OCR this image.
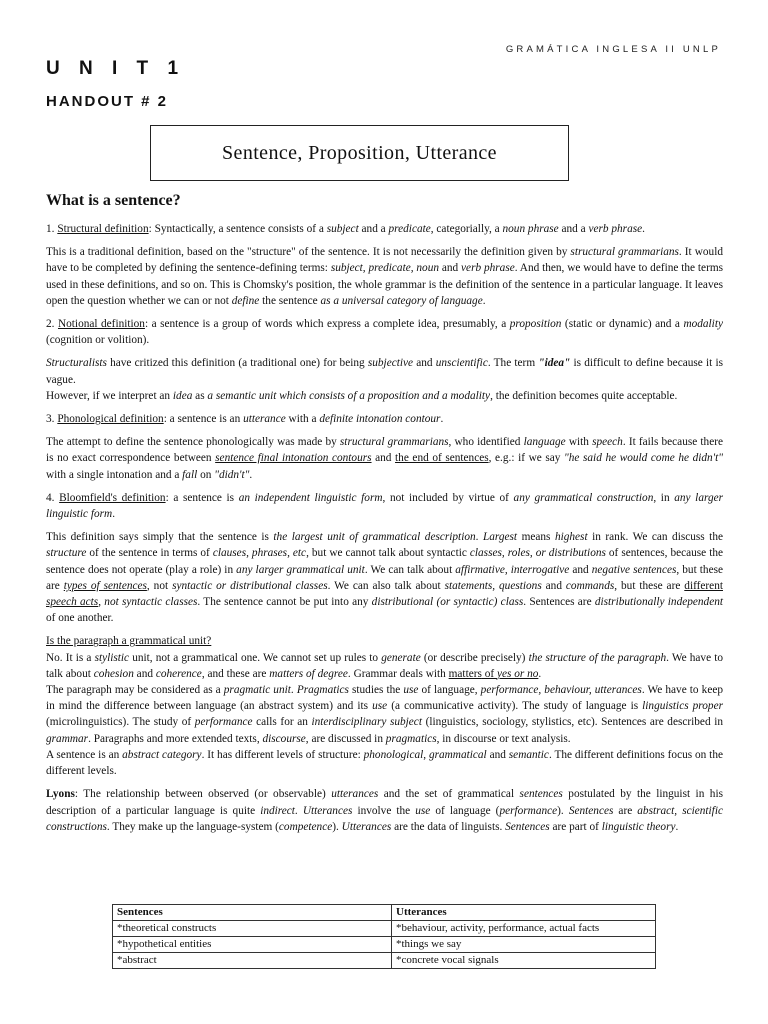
GRAMÁTICA INGLESA II UNLP
U N I T 1
HANDOUT # 2
Sentence, Proposition, Utterance
What is a sentence?

1. Structural definition: Syntactically, a sentence consists of a subject and a predicate, categorially, a noun phrase and a verb phrase.

This is a traditional definition, based on the "structure" of the sentence. It is not necessarily the definition given by structural grammarians. It would have to be completed by defining the sentence-defining terms: subject, predicate, noun and verb phrase. And then, we would have to define the terms used in these definitions, and so on. This is Chomsky's position, the whole grammar is the definition of the sentence in a particular language. It leaves open the question whether we can or not define the sentence as a universal category of language.

2. Notional definition: a sentence is a group of words which express a complete idea, presumably, a proposition (static or dynamic) and a modality (cognition or volition).

Structuralists have critized this definition (a traditional one) for being subjective and unscientific. The term "idea" is difficult to define because it is vague.

However, if we interpret an idea as a semantic unit which consists of a proposition and a modality, the definition becomes quite acceptable.

3. Phonological definition: a sentence is an utterance with a definite intonation contour.

The attempt to define the sentence phonologically was made by structural grammarians, who identified language with speech. It fails because there is no exact correspondence between sentence final intonation contours and the end of sentences, e.g.: if we say "he said he would come he didn't" with a single intonation and a fall on "didn't".

4. Bloomfield's definition: a sentence is an independent linguistic form, not included by virtue of any grammatical construction, in any larger linguistic form.

This definition says simply that the sentence is the largest unit of grammatical description. Largest means highest in rank. We can discuss the structure of the sentence in terms of clauses, phrases, etc, but we cannot talk about syntactic classes, roles, or distributions of sentences, because the sentence does not operate (play a role) in any larger grammatical unit. We can talk about affirmative, interrogative and negative sentences, but these are types of sentences, not syntactic or distributional classes. We can also talk about statements, questions and commands, but these are different speech acts, not syntactic classes. The sentence cannot be put into any distributional (or syntactic) class. Sentences are distributionally independent of one another.

Is the paragraph a grammatical unit?

No. It is a stylistic unit, not a grammatical one. We cannot set up rules to generate (or describe precisely) the structure of the paragraph. We have to talk about cohesion and coherence, and these are matters of degree. Grammar deals with matters of yes or no.

The paragraph may be considered as a pragmatic unit. Pragmatics studies the use of language, performance, behaviour, utterances. We have to keep in mind the difference between language (an abstract system) and its use (a communicative activity). The study of language is linguistics proper (microlinguistics). The study of performance calls for an interdisciplinary subject (linguistics, sociology, stylistics, etc). Sentences are described in grammar. Paragraphs and more extended texts, discourse, are discussed in pragmatics, in discourse or text analysis.

A sentence is an abstract category. It has different levels of structure: phonological, grammatical and semantic. The different definitions focus on the different levels.

Lyons: The relationship between observed (or observable) utterances and the set of grammatical sentences postulated by the linguist in his description of a particular language is quite indirect. Utterances involve the use of language (performance). Sentences are abstract, scientific constructions. They make up the language-system (competence). Utterances are the data of linguists. Sentences are part of linguistic theory.

Sentences	Utterances
*theoretical constructs	*behaviour, activity, performance, actual facts
*hypothetical entities	*things we say
*abstract	*concrete vocal signals
